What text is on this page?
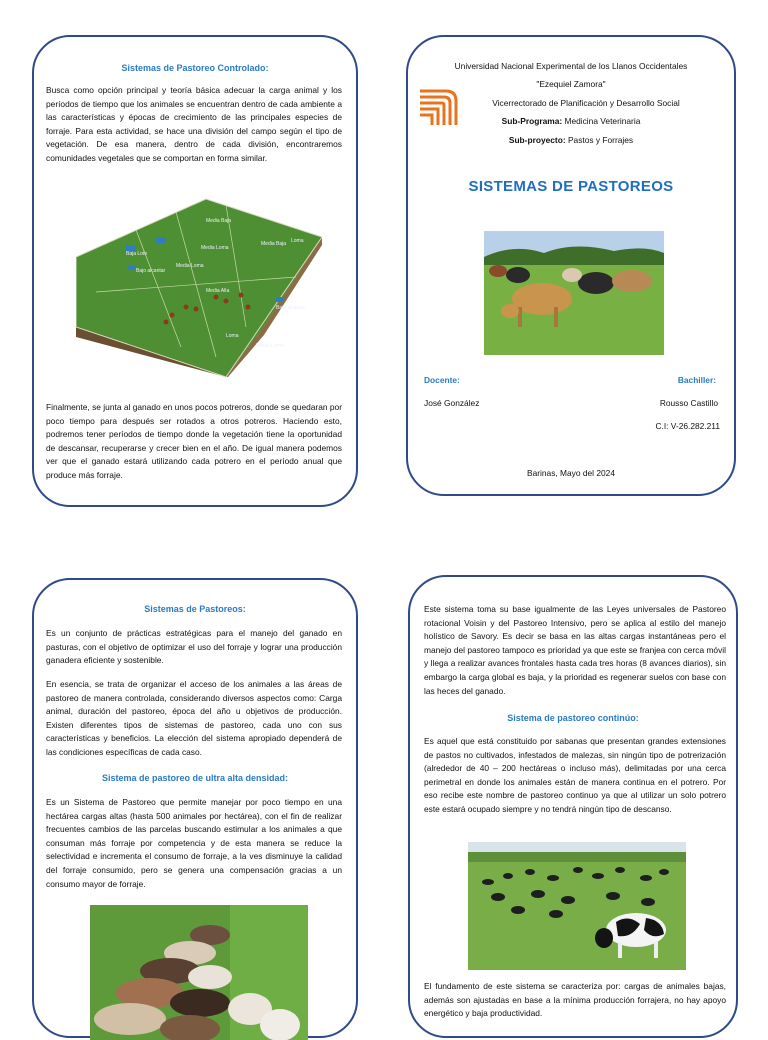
Sistemas de Pastoreo Controlado:

Busca como opción principal y teoría básica adecuar la carga animal y los períodos de tiempo que los animales se encuentran dentro de cada ambiente a las características y épocas de crecimiento de las principales especies de forraje. Para esta actividad, se hace una división del campo según el tipo de vegetación. De esa manera, dentro de cada división, encontraremos comunidades vegetales que se comportan en forma similar.

Media Baja
Baja Lote
Media Loma
Media Baja
Bajo alcantar
Media Loma
Loma
Media Alta
Bajo alcantar
Loma
Media Loma

Finalmente, se junta al ganado en unos pocos potreros, donde se quedaran por poco tiempo para después ser rotados a otros potreros. Haciendo esto, podremos tener períodos de tiempo donde la vegetación tiene la oportunidad de descansar, recuperarse y crecer bien en el año. De igual manera podemos ver que el ganado estará utilizando cada potrero en el período anual que produce más forraje.

Universidad Nacional Experimental de los Llanos Occidentales

"Ezequiel Zamora"

Vicerrectorado de Planificación y Desarrollo Social

Sub-Programa: Medicina Veterinaria

Sub-proyecto: Pastos y Forrajes

SISTEMAS DE PASTOREOS

Docente:	Bachiller:

José González	Rousso Castillo

C.I: V-26.282.211

Barinas, Mayo del 2024

Sistemas de Pastoreos:

Es un conjunto de prácticas estratégicas para el manejo del ganado en pasturas, con el objetivo de optimizar el uso del forraje y lograr una producción ganadera eficiente y sostenible.

En esencia, se trata de organizar el acceso de los animales a las áreas de pastoreo de manera controlada, considerando diversos aspectos como: Carga animal, duración del pastoreo, época del año u objetivos de producción. Existen diferentes tipos de sistemas de pastoreo, cada uno con sus características y beneficios. La elección del sistema apropiado dependerá de las condiciones específicas de cada caso.

Sistema de pastoreo de ultra alta densidad:

Es un Sistema de Pastoreo que permite manejar por poco tiempo en una hectárea cargas altas (hasta 500 animales por hectárea), con el fin de realizar frecuentes cambios de las parcelas buscando estimular a los animales a que consuman más forraje por competencia y de esta manera se reduce la selectividad e incrementa el consumo de forraje, a la ves disminuye la calidad del forraje consumido, pero se genera una compensación gracias a un consumo mayor de forraje.

Este sistema toma su base igualmente de las Leyes universales de Pastoreo rotacional Voisin y del Pastoreo Intensivo, pero se aplica al estilo del manejo holístico de Savory. Es decir se basa en las altas cargas instantáneas pero el manejo del pastoreo tampoco es prioridad ya que este se franjea con cerca móvil y llega a realizar avances frontales hasta cada tres horas (8 avances diarios), sin embargo la carga global es baja, y la prioridad es regenerar suelos con base con las heces del ganado.

Sistema de pastoreo continúo:

Es aquel que está constituido por sabanas que presentan grandes extensiones de pastos no cultivados, infestados de malezas, sin ningún tipo de potrerización (alrededor de 40 – 200 hectáreas o incluso más), delimitadas por una cerca perimetral en donde los animales están de manera continua en el potrero. Por eso recibe este nombre de pastoreo continuo ya que al utilizar un solo potrero este estará ocupado siempre y no tendrá ningún tipo de descanso.

El fundamento de este sistema se caracteriza por: cargas de animales bajas, además son ajustadas en base a la mínima producción forrajera, no hay apoyo energético y baja productividad.
